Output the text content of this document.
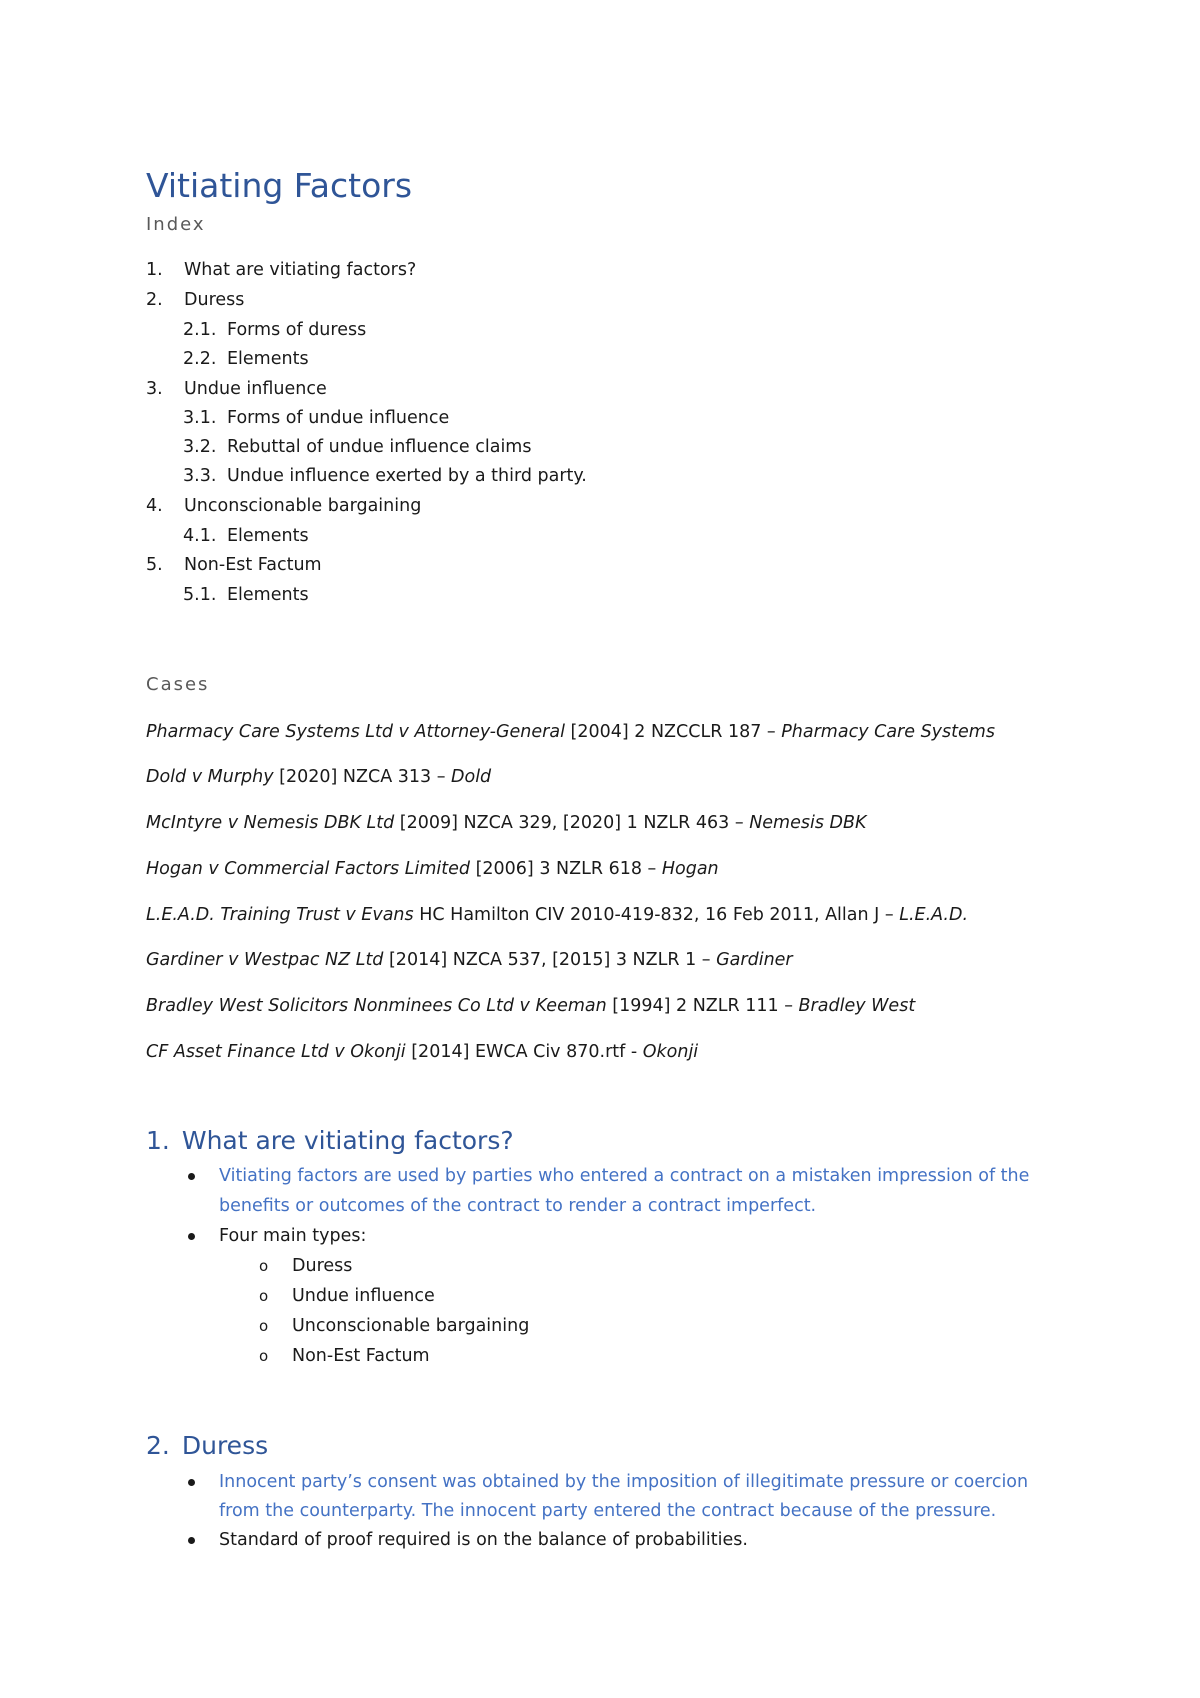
Vitiating Factors
Index
1. What are vitiating factors?
2. Duress
2.1. Forms of duress
2.2. Elements
3. Undue influence
3.1. Forms of undue influence
3.2. Rebuttal of undue influence claims
3.3. Undue influence exerted by a third party.
4. Unconscionable bargaining
4.1. Elements
5. Non-Est Factum
5.1. Elements
Cases
Pharmacy Care Systems Ltd v Attorney-General [2004] 2 NZCCLR 187 – Pharmacy Care Systems
Dold v Murphy [2020] NZCA 313 – Dold
McIntyre v Nemesis DBK Ltd [2009] NZCA 329, [2020] 1 NZLR 463 – Nemesis DBK
Hogan v Commercial Factors Limited [2006] 3 NZLR 618 – Hogan
L.E.A.D. Training Trust v Evans HC Hamilton CIV 2010-419-832, 16 Feb 2011, Allan J – L.E.A.D.
Gardiner v Westpac NZ Ltd [2014] NZCA 537, [2015] 3 NZLR 1 – Gardiner
Bradley West Solicitors Nonminees Co Ltd v Keeman [1994] 2 NZLR 111 – Bradley West
CF Asset Finance Ltd v Okonji [2014] EWCA Civ 870.rtf - Okonji
1. What are vitiating factors?
Vitiating factors are used by parties who entered a contract on a mistaken impression of the
benefits or outcomes of the contract to render a contract imperfect.
Four main types:
o Duress
o Undue influence
o Unconscionable bargaining
o Non-Est Factum
2. Duress
Innocent party’s consent was obtained by the imposition of illegitimate pressure or coercion
from the counterparty. The innocent party entered the contract because of the pressure.
Standard of proof required is on the balance of probabilities.
